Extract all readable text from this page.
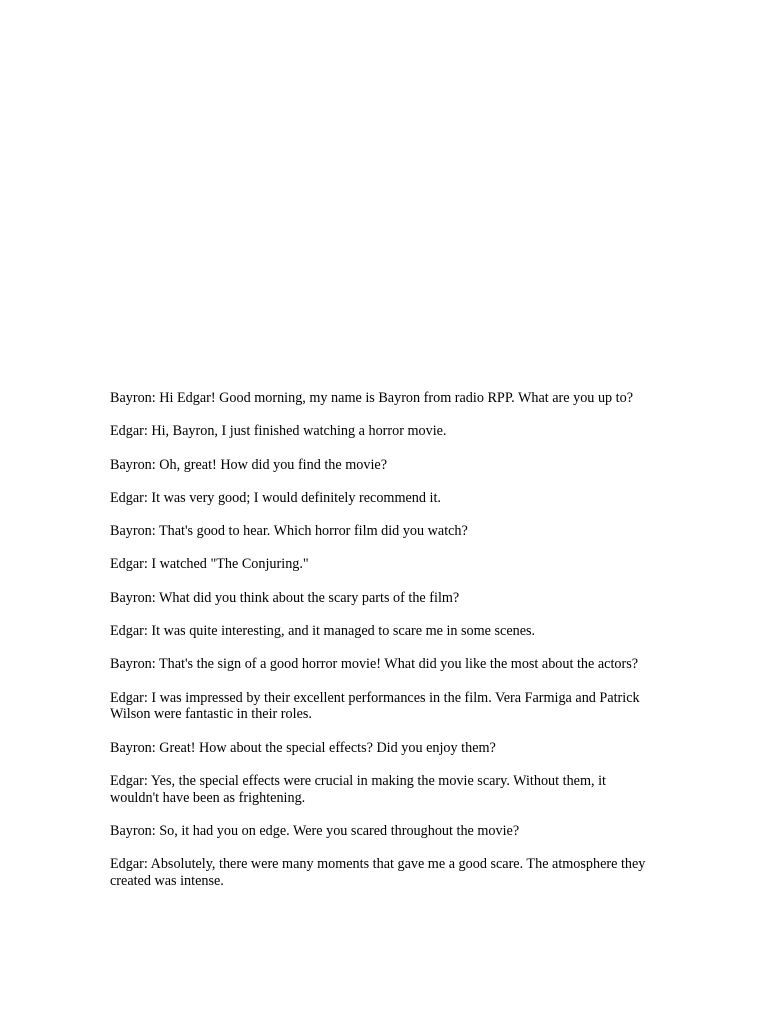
Bayron: Hi Edgar! Good morning, my name is Bayron from radio RPP. What are you up to?

Edgar: Hi, Bayron, I just finished watching a horror movie.

Bayron: Oh, great! How did you find the movie?

Edgar: It was very good; I would definitely recommend it.

Bayron: That's good to hear. Which horror film did you watch?

Edgar: I watched "The Conjuring."

Bayron: What did you think about the scary parts of the film?

Edgar: It was quite interesting, and it managed to scare me in some scenes.

Bayron: That's the sign of a good horror movie! What did you like the most about the actors?

Edgar: I was impressed by their excellent performances in the film. Vera Farmiga and Patrick Wilson were fantastic in their roles.

Bayron: Great! How about the special effects? Did you enjoy them?

Edgar: Yes, the special effects were crucial in making the movie scary. Without them, it wouldn't have been as frightening.

Bayron: So, it had you on edge. Were you scared throughout the movie?

Edgar: Absolutely, there were many moments that gave me a good scare. The atmosphere they created was intense.
